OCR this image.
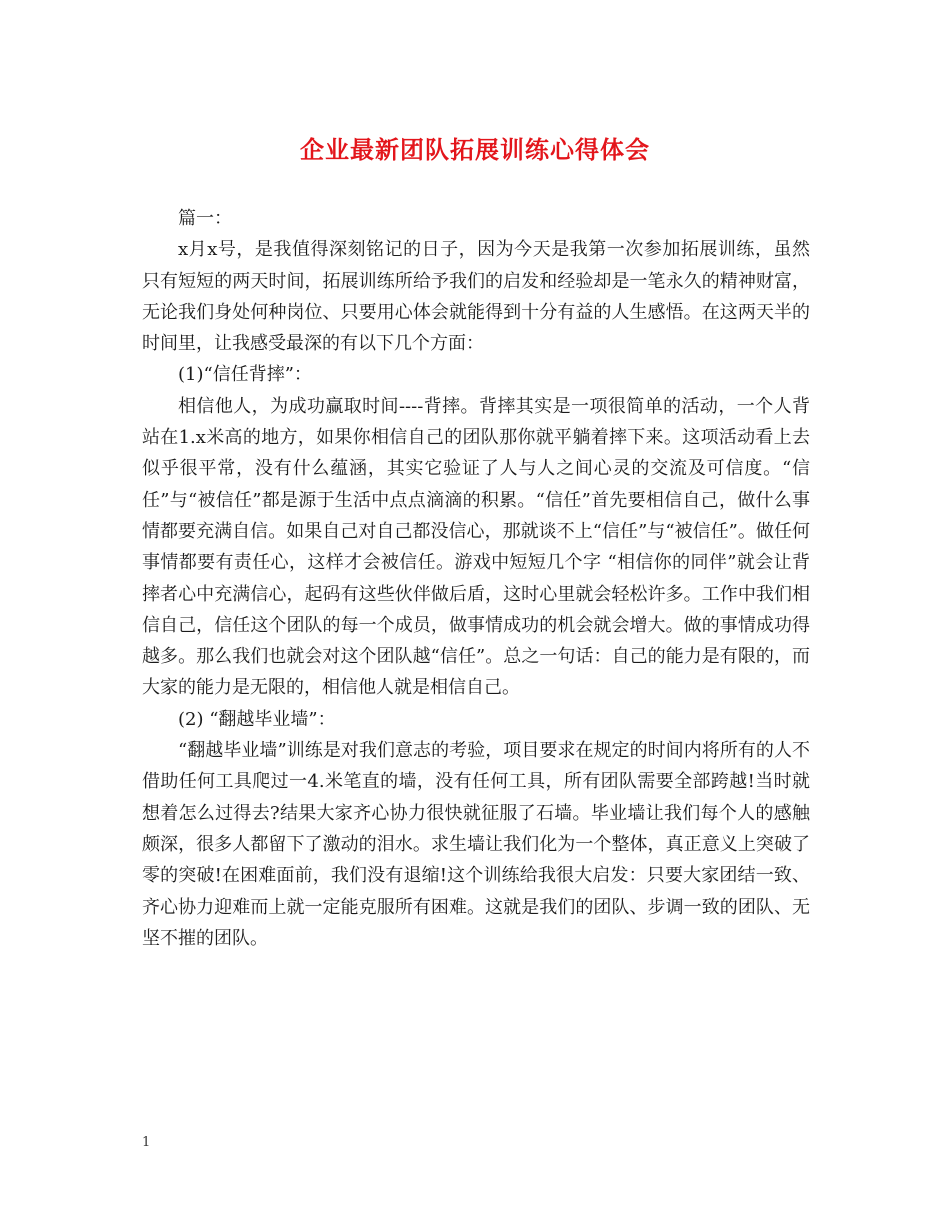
企业最新团队拓展训练心得体会

篇一：

x月x号，是我值得深刻铭记的日子，因为今天是我第一次参加拓展训练，虽然只有短短的两天时间，拓展训练所给予我们的启发和经验却是一笔永久的精神财富，无论我们身处何种岗位、只要用心体会就能得到十分有益的人生感悟。在这两天半的时间里，让我感受最深的有以下几个方面：

(1)“信任背摔”：

相信他人，为成功赢取时间----背摔。背摔其实是一项很简单的活动，一个人背站在1.x米高的地方，如果你相信自己的团队那你就平躺着摔下来。这项活动看上去似乎很平常，没有什么蕴涵，其实它验证了人与人之间心灵的交流及可信度。“信任”与“被信任”都是源于生活中点点滴滴的积累。“信任”首先要相信自己，做什么事情都要充满自信。如果自己对自己都没信心，那就谈不上“信任”与“被信任”。做任何事情都要有责任心，这样才会被信任。游戏中短短几个字 “相信你的同伴”就会让背摔者心中充满信心，起码有这些伙伴做后盾，这时心里就会轻松许多。工作中我们相信自己，信任这个团队的每一个成员，做事情成功的机会就会增大。做的事情成功得越多。那么我们也就会对这个团队越“信任”。总之一句话：自己的能力是有限的，而大家的能力是无限的，相信他人就是相信自己。

(2) “翻越毕业墙”：

“翻越毕业墙”训练是对我们意志的考验，项目要求在规定的时间内将所有的人不借助任何工具爬过一4.米笔直的墙，没有任何工具，所有团队需要全部跨越!当时就想着怎么过得去?结果大家齐心协力很快就征服了石墙。毕业墙让我们每个人的感触颇深，很多人都留下了激动的泪水。求生墙让我们化为一个整体，真正意义上突破了零的突破!在困难面前，我们没有退缩!这个训练给我很大启发：只要大家团结一致、齐心协力迎难而上就一定能克服所有困难。这就是我们的团队、步调一致的团队、无坚不摧的团队。

1
